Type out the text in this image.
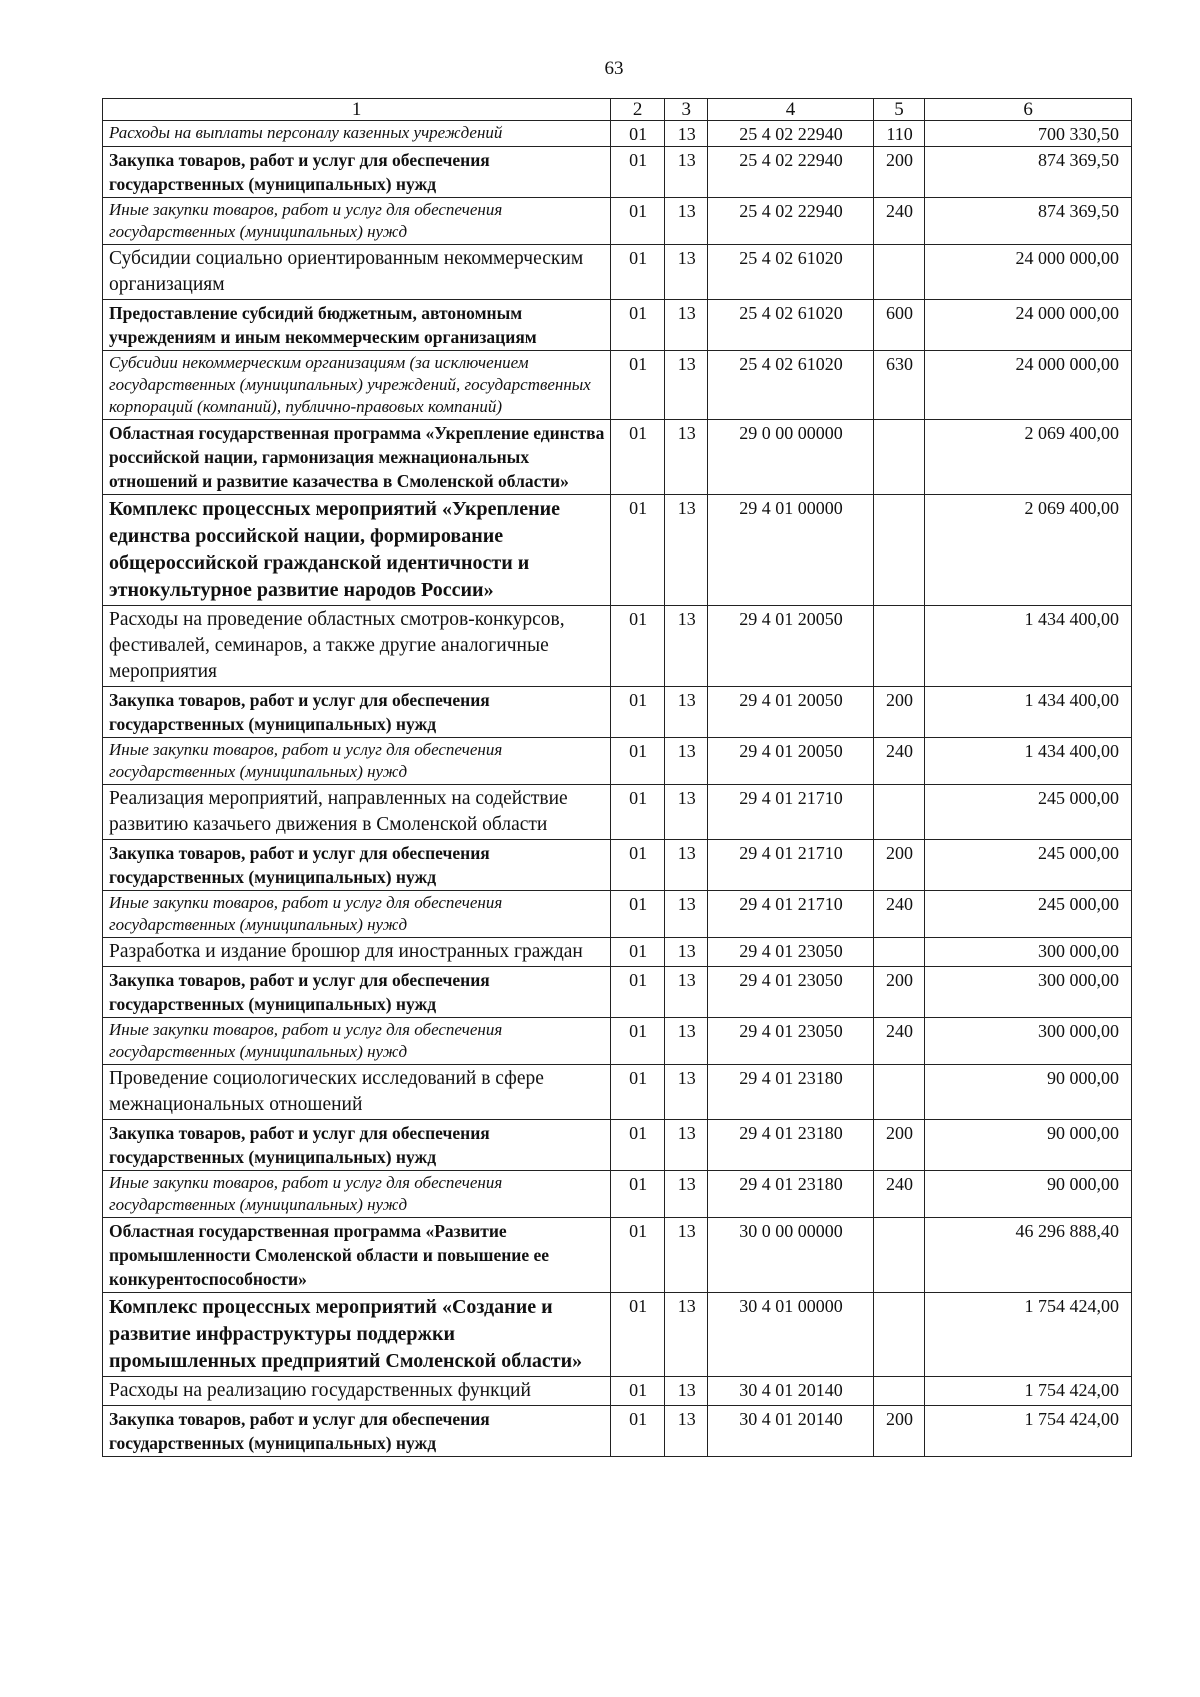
63
1	2	3	4	5	6
Расходы на выплаты персоналу казенных учреждений	01	13	25 4 02 22940	110	700 330,50
Закупка товаров, работ и услуг для обеспечения государственных (муниципальных) нужд	01	13	25 4 02 22940	200	874 369,50
Иные закупки товаров, работ и услуг для обеспечения государственных (муниципальных) нужд	01	13	25 4 02 22940	240	874 369,50
Субсидии социально ориентированным некоммерческим организациям	01	13	25 4 02 61020		24 000 000,00
Предоставление субсидий бюджетным, автономным учреждениям и иным некоммерческим организациям	01	13	25 4 02 61020	600	24 000 000,00
Субсидии некоммерческим организациям (за исключением государственных (муниципальных) учреждений, государственных корпораций (компаний), публично-правовых компаний)	01	13	25 4 02 61020	630	24 000 000,00
Областная государственная программа «Укрепление единства российской нации, гармонизация межнациональных отношений и развитие казачества в Смоленской области»	01	13	29 0 00 00000		2 069 400,00
Комплекс процессных мероприятий «Укрепление единства российской нации, формирование общероссийской гражданской идентичности и этнокультурное развитие народов России»	01	13	29 4 01 00000		2 069 400,00
Расходы на проведение областных смотров-конкурсов, фестивалей, семинаров, а также другие аналогичные мероприятия	01	13	29 4 01 20050		1 434 400,00
Закупка товаров, работ и услуг для обеспечения государственных (муниципальных) нужд	01	13	29 4 01 20050	200	1 434 400,00
Иные закупки товаров, работ и услуг для обеспечения государственных (муниципальных) нужд	01	13	29 4 01 20050	240	1 434 400,00
Реализация мероприятий, направленных на содействие развитию казачьего движения в Смоленской области	01	13	29 4 01 21710		245 000,00
Закупка товаров, работ и услуг для обеспечения государственных (муниципальных) нужд	01	13	29 4 01 21710	200	245 000,00
Иные закупки товаров, работ и услуг для обеспечения государственных (муниципальных) нужд	01	13	29 4 01 21710	240	245 000,00
Разработка и издание брошюр для иностранных граждан	01	13	29 4 01 23050		300 000,00
Закупка товаров, работ и услуг для обеспечения государственных (муниципальных) нужд	01	13	29 4 01 23050	200	300 000,00
Иные закупки товаров, работ и услуг для обеспечения государственных (муниципальных) нужд	01	13	29 4 01 23050	240	300 000,00
Проведение социологических исследований в сфере межнациональных отношений	01	13	29 4 01 23180		90 000,00
Закупка товаров, работ и услуг для обеспечения государственных (муниципальных) нужд	01	13	29 4 01 23180	200	90 000,00
Иные закупки товаров, работ и услуг для обеспечения государственных (муниципальных) нужд	01	13	29 4 01 23180	240	90 000,00
Областная государственная программа «Развитие промышленности Смоленской области и повышение ее конкурентоспособности»	01	13	30 0 00 00000		46 296 888,40
Комплекс процессных мероприятий «Создание и развитие инфраструктуры поддержки промышленных предприятий Смоленской области»	01	13	30 4 01 00000		1 754 424,00
Расходы на реализацию государственных функций	01	13	30 4 01 20140		1 754 424,00
Закупка товаров, работ и услуг для обеспечения государственных (муниципальных) нужд	01	13	30 4 01 20140	200	1 754 424,00
